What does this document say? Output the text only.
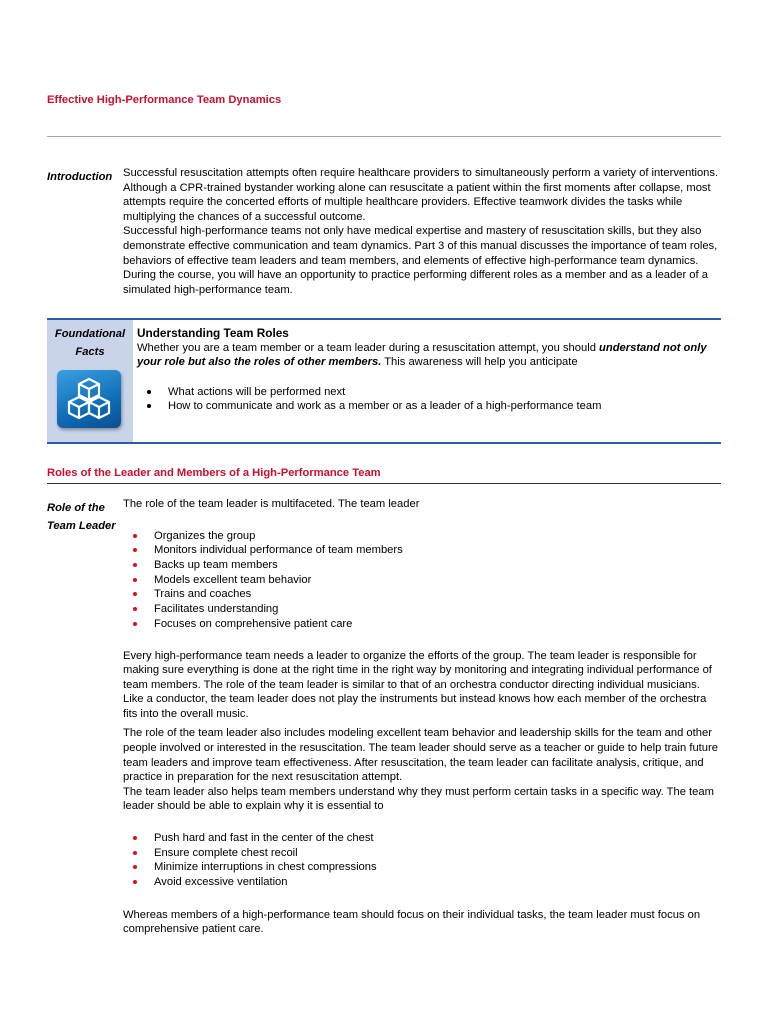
Effective High-Performance Team Dynamics
Introduction Successful resuscitation attempts often require healthcare providers to simultaneously perform a variety of interventions. Although a CPR-trained bystander working alone can resuscitate a patient within the first moments after collapse, most attempts require the concerted efforts of multiple healthcare providers. Effective teamwork divides the tasks while multiplying the chances of a successful outcome.

Successful high-performance teams not only have medical expertise and mastery of resuscitation skills, but they also demonstrate effective communication and team dynamics. Part 3 of this manual discusses the importance of team roles, behaviors of effective team leaders and team members, and elements of effective high-performance team dynamics.

During the course, you will have an opportunity to practice performing different roles as a member and as a leader of a simulated high-performance team.

Foundational
Facts
Understanding Team Roles
Whether you are a team member or a team leader during a resuscitation attempt, you should understand not only your role but also the roles of other members. This awareness will help you anticipate
What actions will be performed next
How to communicate and work as a member or as a leader of a high-performance team
Roles of the Leader and Members of a High-Performance Team
Role of the Team Leader

The role of the team leader is multifaceted. The team leader

Organizes the group
Monitors individual performance of team members
Backs up team members
Models excellent team behavior
Trains and coaches
Facilitates understanding
Focuses on comprehensive patient care

Every high-performance team needs a leader to organize the efforts of the group. The team leader is responsible for making sure everything is done at the right time in the right way by monitoring and integrating individual performance of team members. The role of the team leader is similar to that of an orchestra conductor directing individual musicians. Like a conductor, the team leader does not play the instruments but instead knows how each member of the orchestra fits into the overall music.

The role of the team leader also includes modeling excellent team behavior and leadership skills for the team and other people involved or interested in the resuscitation. The team leader should serve as a teacher or guide to help train future team leaders and improve team effectiveness. After resuscitation, the team leader can facilitate analysis, critique, and practice in preparation for the next resuscitation attempt.

The team leader also helps team members understand why they must perform certain tasks in a specific way. The team leader should be able to explain why it is essential to

Push hard and fast in the center of the chest
Ensure complete chest recoil
Minimize interruptions in chest compressions
Avoid excessive ventilation

Whereas members of a high-performance team should focus on their individual tasks, the team leader must focus on comprehensive patient care.
